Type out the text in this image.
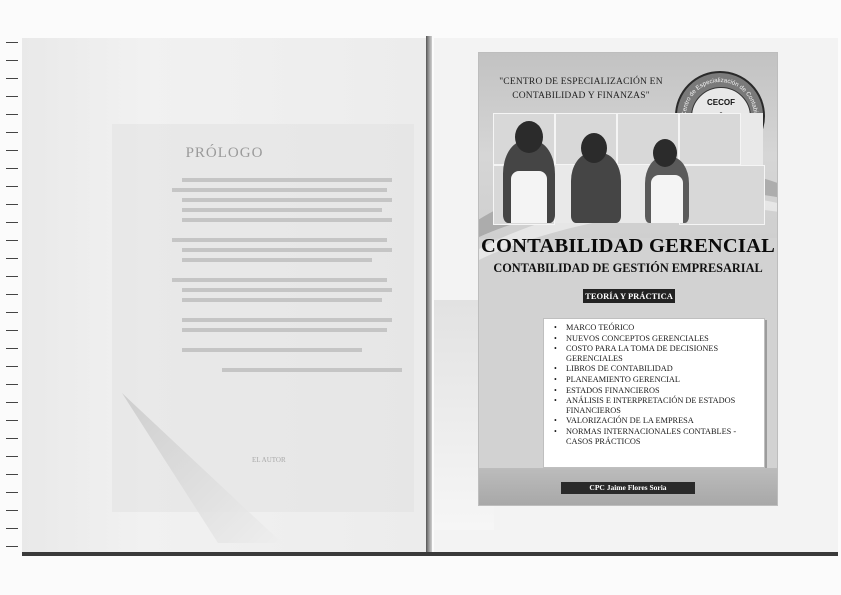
PRÓLOGO
EL AUTOR
"CENTRO DE ESPECIALIZACIÓN EN
CONTABILIDAD Y FINANZAS"
entro de Especialización de Contab
CECOF
CONTABILIDAD GERENCIAL
CONTABILIDAD DE GESTIÓN EMPRESARIAL
TEORÍA Y PRÁCTICA
• MARCO TEÓRICO
• NUEVOS CONCEPTOS GERENCIALES
• COSTO PARA LA TOMA DE DECISIONES GERENCIALES
• LIBROS DE CONTABILIDAD
• PLANEAMIENTO GERENCIAL
• ESTADOS FINANCIEROS
• ANÁLISIS E INTERPRETACIÓN DE ESTADOS FINANCIEROS
• VALORIZACIÓN DE LA EMPRESA
• NORMAS INTERNACIONALES CONTABLES - CASOS PRÁCTICOS
CPC Jaime Flores Soria
